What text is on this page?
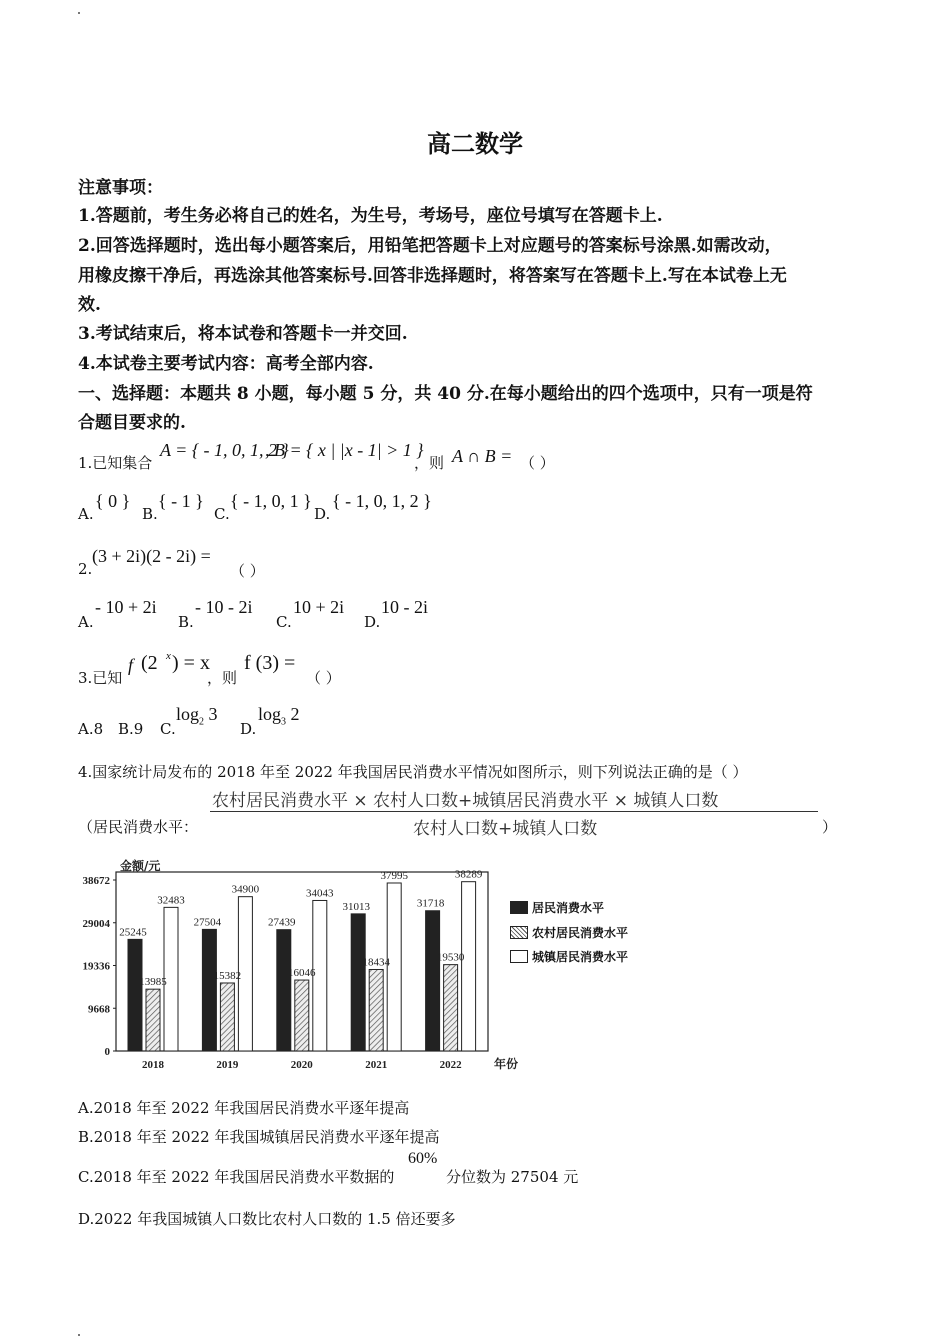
高二数学
注意事项：
1.答题前，考生务必将自己的姓名，为生号，考场号，座位号填写在答题卡上.
2.回答选择题时，选出每小题答案后，用铅笔把答题卡上对应题号的答案标号涂黑.如需改动，
用橡皮擦干净后，再选涂其他答案标号.回答非选择题时，将答案写在答题卡上.写在本试卷上无
效.
3.考试结束后，将本试卷和答题卡一并交回.
4.本试卷主要考试内容：高考全部内容.
一、选择题：本题共 8 小题，每小题 5 分，共 40 分.在每小题给出的四个选项中，只有一项是符
合题目要求的.
1.已知集合
A = { - 1, 0, 1, 2 }
, B = { x | |x - 1| > 1 }
，则 A ∩ B = （ ）
A.
{ 0 }
B.
{ - 1 }
C.
{ - 1, 0, 1 }
D.
{ - 1, 0, 1, 2 }
2.
(3 + 2i)(2 - 2i) =
（ ）
A.
- 10 + 2i
B.
- 10 - 2i
C.
10 + 2i
D.
10 - 2i
3.已知
f (2 x ) = x
，则
f (3) =
（ ）
A.8 B.9 C.
$\log_2 3$
D.
$\log_3 2$
4.国家统计局发布的 2018 年至 2022 年我国居民消费水平情况如图所示，则下列说法正确的是（ ）
（居民消费水平：
农村居民消费水平 × 农村人口数+城镇居民消费水平 × 城镇人口数
农村人口数+城镇人口数	）
0
9668
19336
29004
38672
金额/元
年份
25245
13985
32483
2018
27504
15382
34900
2019
27439
16046
34043
2020
31013
18434
37995
2021
31718
19530
38289
2022
居民消费水平
农村居民消费水平
城镇居民消费水平
A.2018 年至 2022 年我国居民消费水平逐年提高
B.2018 年至 2022 年我国城镇居民消费水平逐年提高
C.2018 年至 2022 年我国居民消费水平数据的
60%
分位数为 27504 元
D.2022 年我国城镇人口数比农村人口数的 1.5 倍还要多
